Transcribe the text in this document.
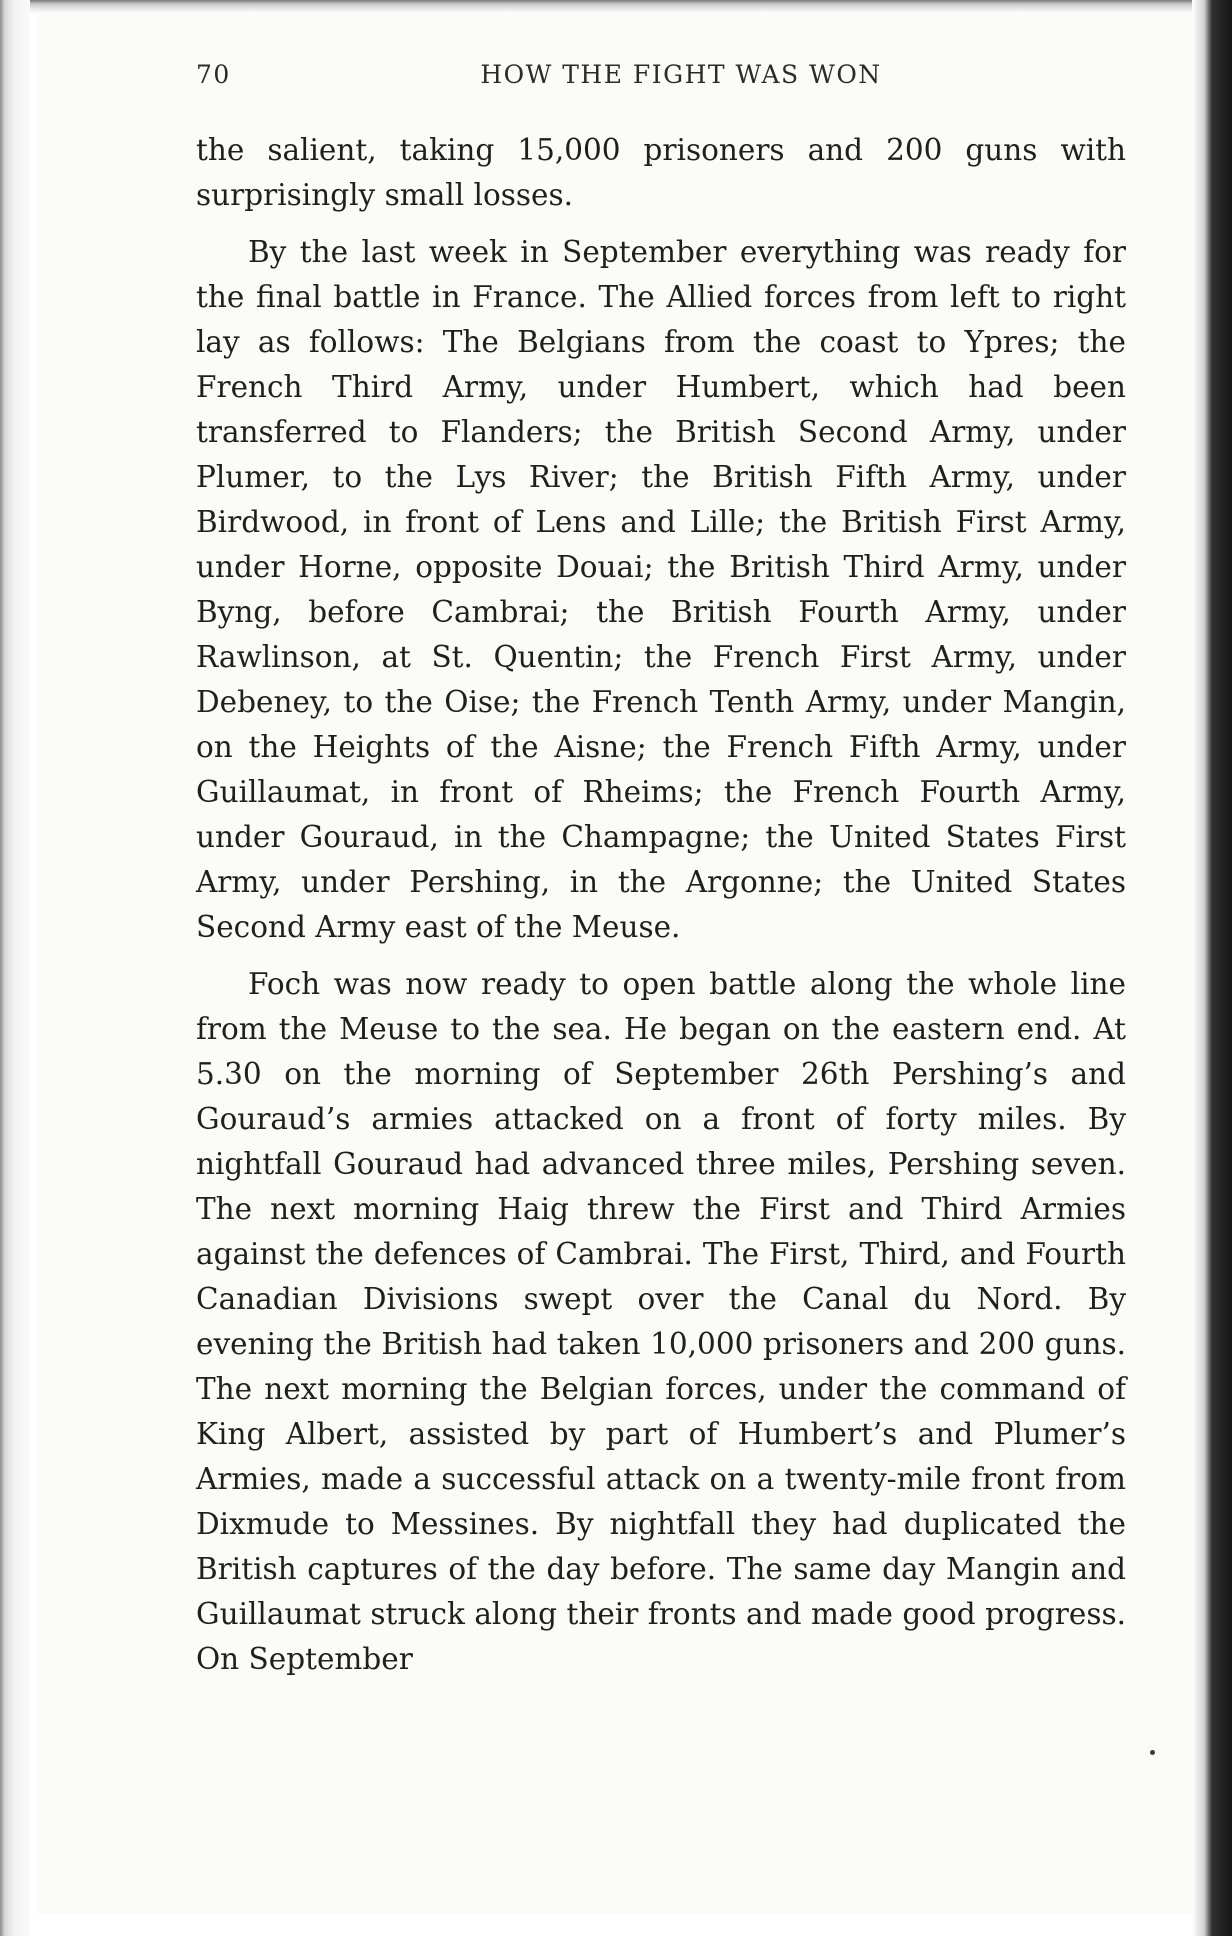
70	HOW THE FIGHT WAS WON

the salient, taking 15,000 prisoners and 200 guns with surprisingly small losses.

By the last week in September everything was ready for the final battle in France. The Allied forces from left to right lay as follows: The Belgians from the coast to Ypres; the French Third Army, under Humbert, which had been transferred to Flanders; the British Second Army, under Plumer, to the Lys River; the British Fifth Army, under Birdwood, in front of Lens and Lille; the British First Army, under Horne, opposite Douai; the British Third Army, under Byng, before Cambrai; the British Fourth Army, under Rawlinson, at St. Quentin; the French First Army, under Debeney, to the Oise; the French Tenth Army, under Mangin, on the Heights of the Aisne; the French Fifth Army, under Guillaumat, in front of Rheims; the French Fourth Army, under Gouraud, in the Champagne; the United States First Army, under Pershing, in the Argonne; the United States Second Army east of the Meuse.

Foch was now ready to open battle along the whole line from the Meuse to the sea. He began on the eastern end. At 5.30 on the morning of September 26th Pershing’s and Gouraud’s armies attacked on a front of forty miles. By nightfall Gouraud had advanced three miles, Pershing seven. The next morning Haig threw the First and Third Armies against the defences of Cambrai. The First, Third, and Fourth Canadian Divisions swept over the Canal du Nord. By evening the British had taken 10,000 prisoners and 200 guns. The next morning the Belgian forces, under the command of King Albert, assisted by part of Humbert’s and Plumer’s Armies, made a successful attack on a twenty-mile front from Dixmude to Messines. By nightfall they had duplicated the British captures of the day before. The same day Mangin and Guillaumat struck along their fronts and made good progress. On September
